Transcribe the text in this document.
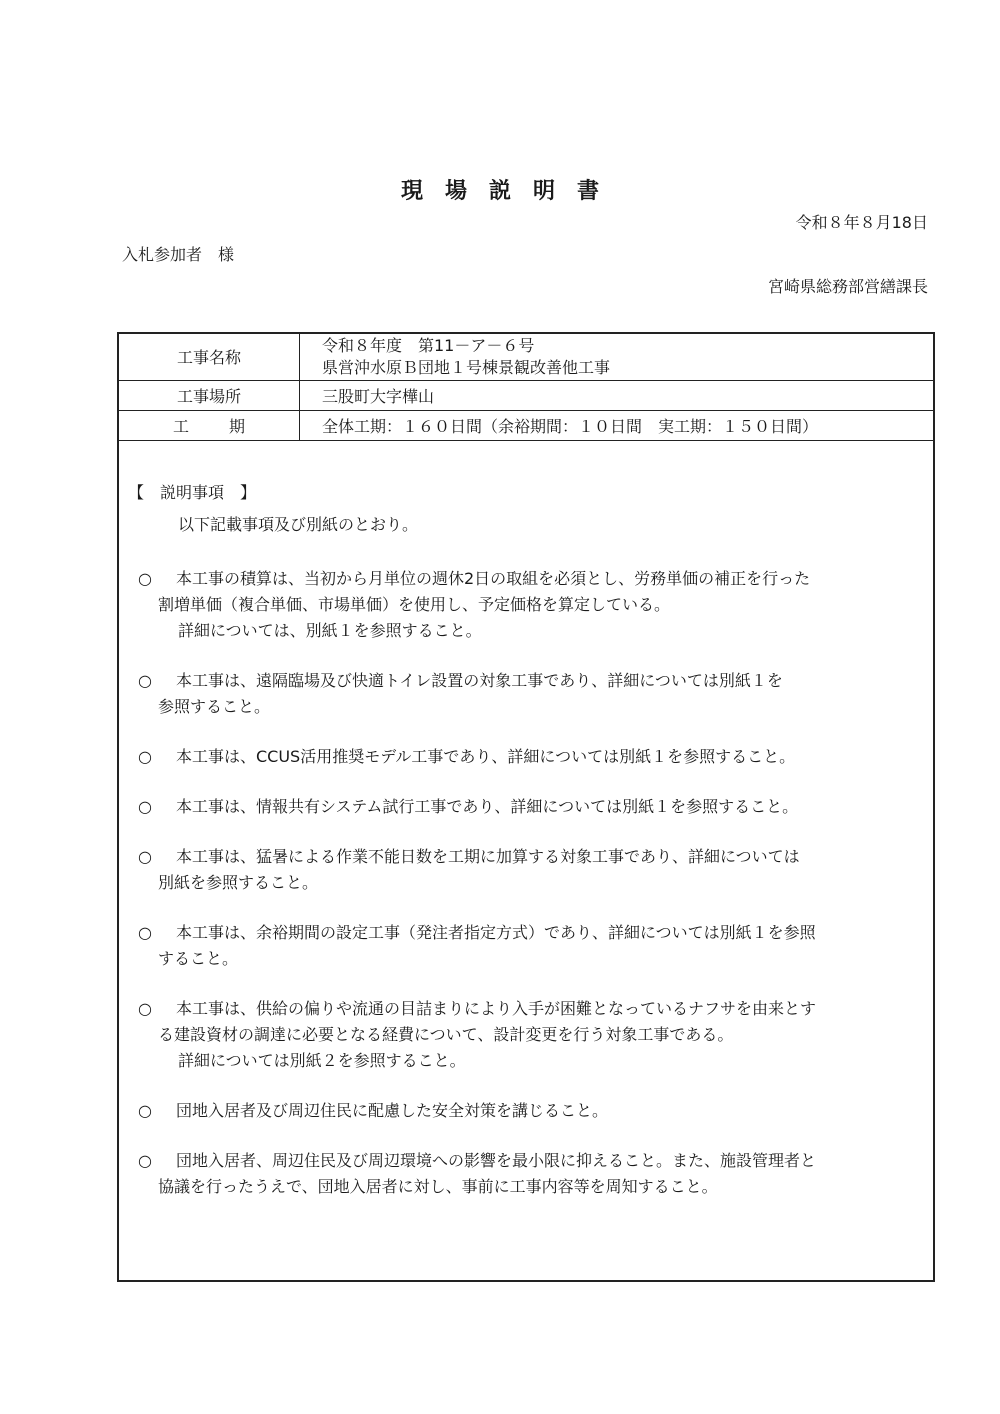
現 場 説 明 書
令和８年８月18日
入札参加者　様
宮崎県総務部営繕課長
工事名称	令和８年度　第11－ア－６号
県営沖水原Ｂ団地１号棟景観改善他工事

工事場所	三股町大字樺山
工 期	全体工期：１６０日間（余裕期間：１０日間　実工期：１５０日間）
【　説明事項　】
以下記載事項及び別紙のとおり。
○	本工事の積算は、当初から月単位の週休2日の取組を必須とし、労務単価の補正を行った
割増単価（複合単価、市場単価）を使用し、予定価格を算定している。
詳細については、別紙１を参照すること。
○	本工事は、遠隔臨場及び快適トイレ設置の対象工事であり、詳細については別紙１を
参照すること。
○	本工事は、CCUS活用推奨モデル工事であり、詳細については別紙１を参照すること。
○	本工事は、情報共有システム試行工事であり、詳細については別紙１を参照すること。
○	本工事は、猛暑による作業不能日数を工期に加算する対象工事であり、詳細については
別紙を参照すること。
○	本工事は、余裕期間の設定工事（発注者指定方式）であり、詳細については別紙１を参照
すること。
○	本工事は、供給の偏りや流通の目詰まりにより入手が困難となっているナフサを由来とす
る建設資材の調達に必要となる経費について、設計変更を行う対象工事である。
詳細については別紙２を参照すること。
○	団地入居者及び周辺住民に配慮した安全対策を講じること。
○	団地入居者、周辺住民及び周辺環境への影響を最小限に抑えること。また、施設管理者と
協議を行ったうえで、団地入居者に対し、事前に工事内容等を周知すること。
